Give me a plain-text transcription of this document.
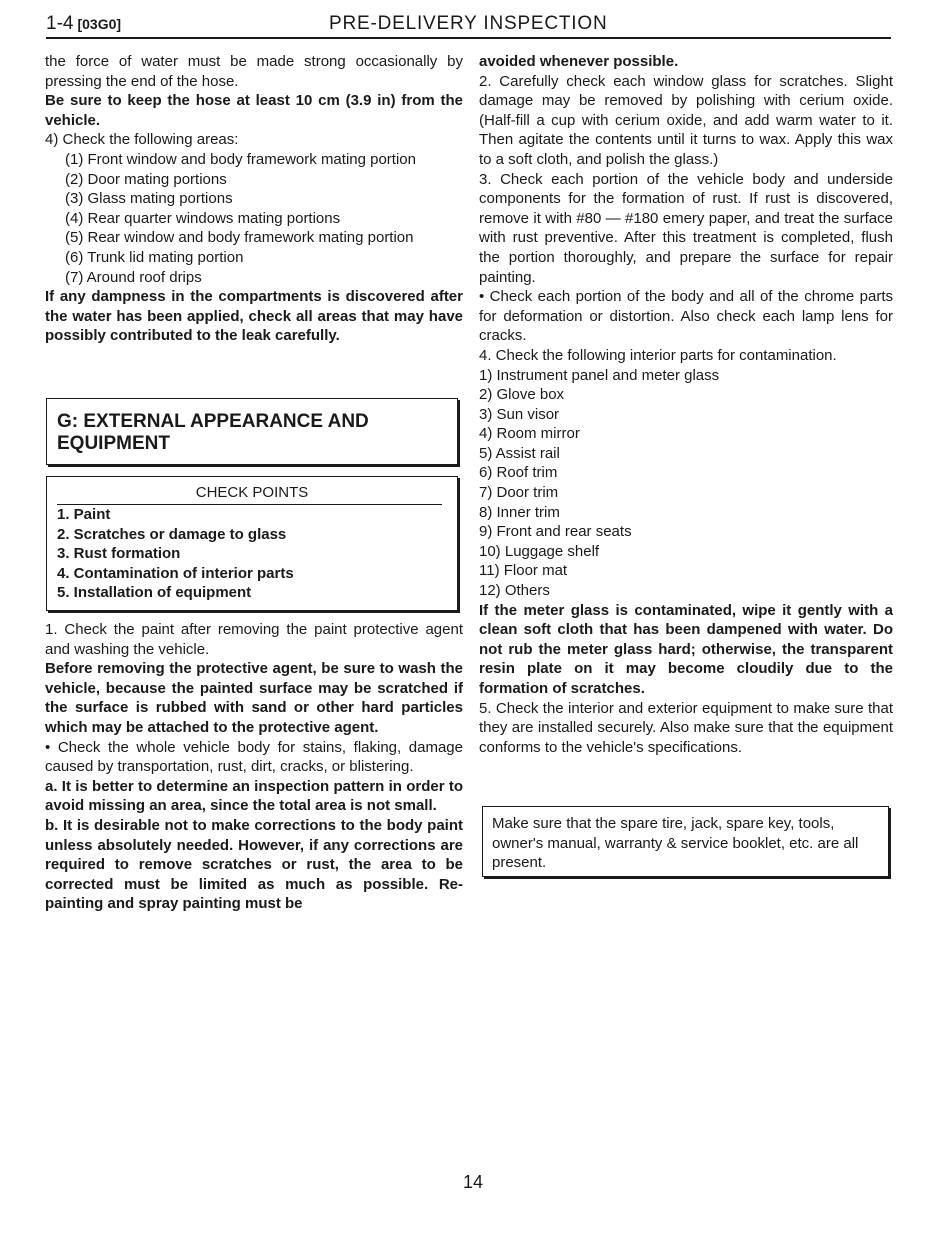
1-4 [03G0]	PRE-DELIVERY INSPECTION

the force of water must be made strong occasionally by pressing the end of the hose.

Be sure to keep the hose at least 10 cm (3.9 in) from the vehicle.

4) Check the following areas:

(1) Front window and body framework mating portion

(2) Door mating portions

(3) Glass mating portions

(4) Rear quarter windows mating portions

(5) Rear window and body framework mating portion

(6) Trunk lid mating portion

(7) Around roof drips

If any dampness in the compartments is discovered after the water has been applied, check all areas that may have possibly contributed to the leak carefully.

G: EXTERNAL APPEARANCE AND EQUIPMENT
CHECK POINTS
1. Paint
2. Scratches or damage to glass
3. Rust formation
4. Contamination of interior parts
5. Installation of equipment

1. Check the paint after removing the paint protective agent and washing the vehicle.

Before removing the protective agent, be sure to wash the vehicle, because the painted surface may be scratched if the surface is rubbed with sand or other hard particles which may be attached to the protective agent.

• Check the whole vehicle body for stains, flaking, damage caused by transportation, rust, dirt, cracks, or blistering.

a. It is better to determine an inspection pattern in order to avoid missing an area, since the total area is not small.

b. It is desirable not to make corrections to the body paint unless absolutely needed. However, if any corrections are required to remove scratches or rust, the area to be corrected must be limited as much as possible. Re-painting and spray painting must be

avoided whenever possible.

2. Carefully check each window glass for scratches. Slight damage may be removed by polishing with cerium oxide. (Half-fill a cup with cerium oxide, and add warm water to it. Then agitate the contents until it turns to wax. Apply this wax to a soft cloth, and polish the glass.)

3. Check each portion of the vehicle body and underside components for the formation of rust. If rust is discovered, remove it with #80 — #180 emery paper, and treat the surface with rust preventive. After this treatment is completed, flush the portion thoroughly, and prepare the surface for repair painting.

• Check each portion of the body and all of the chrome parts for deformation or distortion. Also check each lamp lens for cracks.

4. Check the following interior parts for contamination.

1) Instrument panel and meter glass

2) Glove box

3) Sun visor

4) Room mirror

5) Assist rail

6) Roof trim

7) Door trim

8) Inner trim

9) Front and rear seats

10) Luggage shelf

11) Floor mat

12) Others

If the meter glass is contaminated, wipe it gently with a clean soft cloth that has been dampened with water. Do not rub the meter glass hard; otherwise, the transparent resin plate on it may become cloudily due to the formation of scratches.

5. Check the interior and exterior equipment to make sure that they are installed securely. Also make sure that the equipment conforms to the vehicle's specifications.

Make sure that the spare tire, jack, spare key, tools, owner's manual, warranty & service booklet, etc. are all present.
14
